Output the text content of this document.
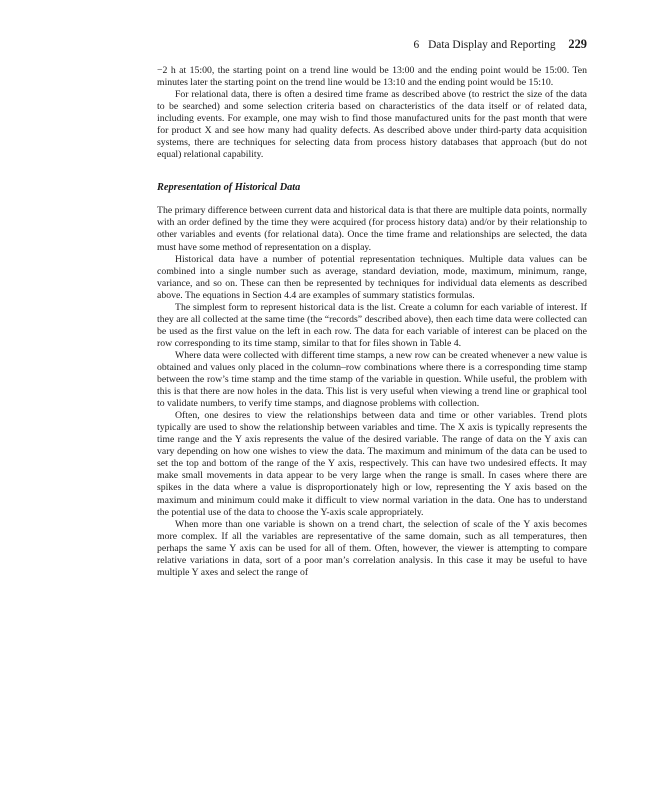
6 Data Display and Reporting 229

−2 h at 15:00, the starting point on a trend line would be 13:00 and the ending point would be 15:00. Ten minutes later the starting point on the trend line would be 13:10 and the ending point would be 15:10.

For relational data, there is often a desired time frame as described above (to restrict the size of the data to be searched) and some selection criteria based on characteristics of the data itself or of related data, including events. For example, one may wish to find those manufactured units for the past month that were for product X and see how many had quality defects. As described above under third-party data acquisition systems, there are techniques for selecting data from process history databases that approach (but do not equal) relational capability.

Representation of Historical Data

The primary difference between current data and historical data is that there are multiple data points, normally with an order defined by the time they were acquired (for process history data) and/or by their relationship to other variables and events (for relational data). Once the time frame and relationships are selected, the data must have some method of representation on a display.

Historical data have a number of potential representation techniques. Multiple data values can be combined into a single number such as average, standard deviation, mode, maximum, minimum, range, variance, and so on. These can then be represented by techniques for individual data elements as described above. The equations in Section 4.4 are examples of summary statistics formulas.

The simplest form to represent historical data is the list. Create a column for each variable of interest. If they are all collected at the same time (the “records” described above), then each time data were collected can be used as the first value on the left in each row. The data for each variable of interest can be placed on the row corresponding to its time stamp, similar to that for files shown in Table 4.

Where data were collected with different time stamps, a new row can be created whenever a new value is obtained and values only placed in the column–row combinations where there is a corresponding time stamp between the row’s time stamp and the time stamp of the variable in question. While useful, the problem with this is that there are now holes in the data. This list is very useful when viewing a trend line or graphical tool to validate numbers, to verify time stamps, and diagnose problems with collection.

Often, one desires to view the relationships between data and time or other variables. Trend plots typically are used to show the relationship between variables and time. The X axis is typically represents the time range and the Y axis represents the value of the desired variable. The range of data on the Y axis can vary depending on how one wishes to view the data. The maximum and minimum of the data can be used to set the top and bottom of the range of the Y axis, respectively. This can have two undesired effects. It may make small movements in data appear to be very large when the range is small. In cases where there are spikes in the data where a value is disproportionately high or low, representing the Y axis based on the maximum and minimum could make it difficult to view normal variation in the data. One has to understand the potential use of the data to choose the Y-axis scale appropriately.

When more than one variable is shown on a trend chart, the selection of scale of the Y axis becomes more complex. If all the variables are representative of the same domain, such as all temperatures, then perhaps the same Y axis can be used for all of them. Often, however, the viewer is attempting to compare relative variations in data, sort of a poor man’s correlation analysis. In this case it may be useful to have multiple Y axes and select the range of
